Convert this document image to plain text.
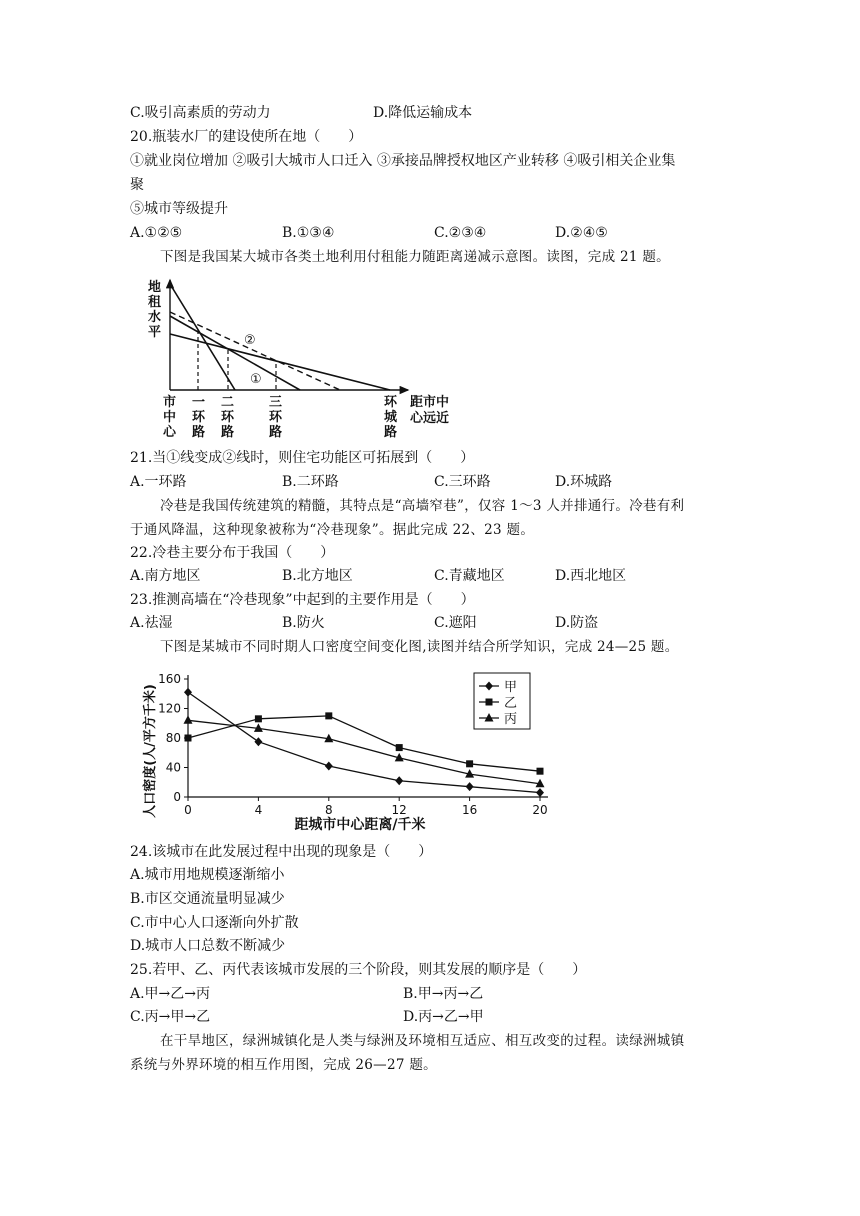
C.吸引高素质的劳动力	D.降低运输成本
20.瓶装水厂的建设使所在地（　　）
①就业岗位增加 ②吸引大城市人口迁入 ③承接品牌授权地区产业转移 ④吸引相关企业集
聚
⑤城市等级提升
A.①②⑤	B.①③④	C.②③④	D.②④⑤
下图是我国某大城市各类土地利用付租能力随距离递减示意图。读图，完成 21 题。
②
①
地租水平
市中心
一环路
二环路
三环路
环城路
距市中
心远近
21.当①线变成②线时，则住宅功能区可拓展到（　　）
A.一环路	B.二环路	C.三环路	D.环城路
冷巷是我国传统建筑的精髓，其特点是“高墙窄巷”，仅容 1～3 人并排通行。冷巷有利
于通风降温，这种现象被称为“冷巷现象”。据此完成 22、23 题。
22.冷巷主要分布于我国（　　）
A.南方地区	B.北方地区	C.青藏地区	D.西北地区
23.推测高墙在“冷巷现象”中起到的主要作用是（　　）
A.祛湿	B.防火	C.遮阳	D.防盗
下图是某城市不同时期人口密度空间变化图,读图并结合所学知识，完成 24—25 题。
0
40
80
120
160
0	4	8	12	16	20
甲
乙
丙
距城市中心距离/千米
人口密度(人/平方千米)
24.该城市在此发展过程中出现的现象是（　　）
A.城市用地规模逐渐缩小
B.市区交通流量明显减少
C.市中心人口逐渐向外扩散
D.城市人口总数不断减少
25.若甲、乙、丙代表该城市发展的三个阶段，则其发展的顺序是（　　）
A.甲→乙→丙	B.甲→丙→乙
C.丙→甲→乙	D.丙→乙→甲
在干旱地区，绿洲城镇化是人类与绿洲及环境相互适应、相互改变的过程。读绿洲城镇
系统与外界环境的相互作用图，完成 26—27 题。
